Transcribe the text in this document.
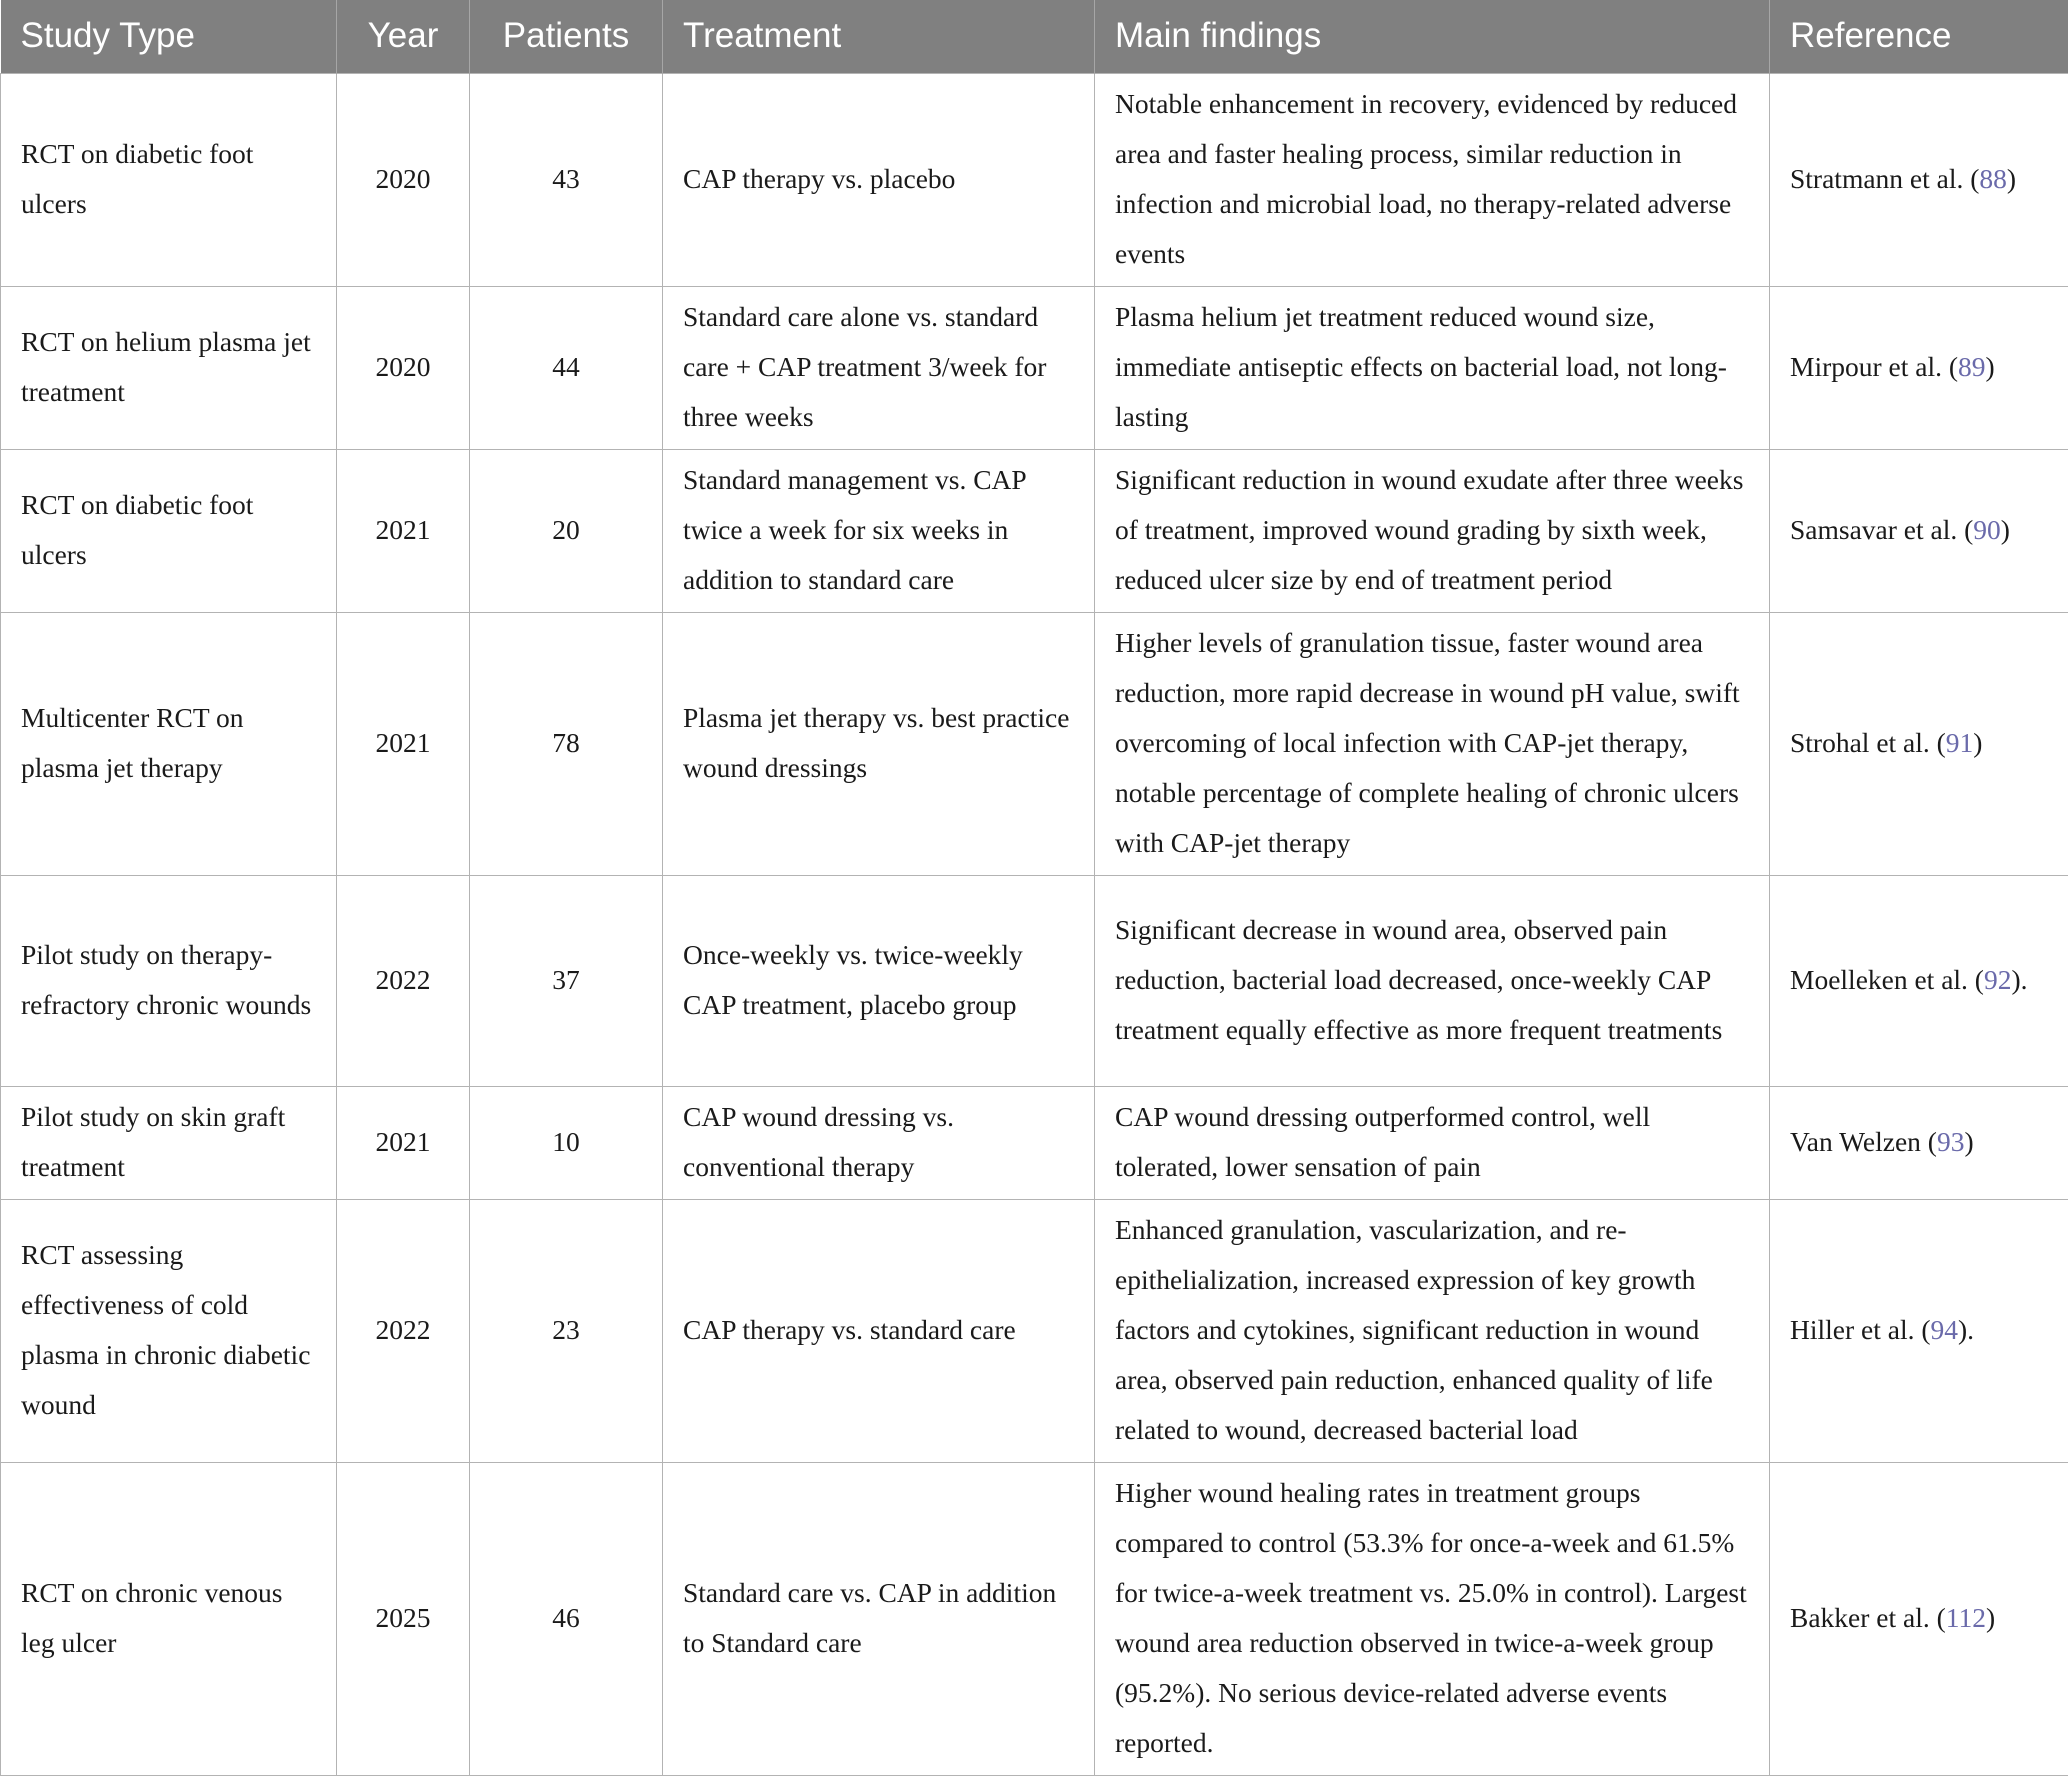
Study Type	Year	Patients	Treatment	Main findings	Reference
RCT on diabetic foot ulcers	2020	43	CAP therapy vs. placebo	Notable enhancement in recovery, evidenced by reduced area and faster healing process, similar reduction in infection and microbial load, no therapy-related adverse events	Stratmann et al. (88)
RCT on helium plasma jet treatment	2020	44	Standard care alone vs. standard care + CAP treatment 3/week for three weeks	Plasma helium jet treatment reduced wound size, immediate antiseptic effects on bacterial load, not long-lasting	Mirpour et al. (89)
RCT on diabetic foot ulcers	2021	20	Standard management vs. CAP twice a week for six weeks in addition to standard care	Significant reduction in wound exudate after three weeks of treatment, improved wound grading by sixth week, reduced ulcer size by end of treatment period	Samsavar et al. (90)
Multicenter RCT on plasma jet therapy	2021	78	Plasma jet therapy vs. best practice wound dressings	Higher levels of granulation tissue, faster wound area reduction, more rapid decrease in wound pH value, swift overcoming of local infection with CAP-jet therapy, notable percentage of complete healing of chronic ulcers with CAP-jet therapy	Strohal et al. (91)
Pilot study on therapy-refractory chronic wounds	2022	37	Once-weekly vs. twice-weekly CAP treatment, placebo group	Significant decrease in wound area, observed pain reduction, bacterial load decreased, once-weekly CAP treatment equally effective as more frequent treatments	Moelleken et al. (92).
Pilot study on skin graft treatment	2021	10	CAP wound dressing vs. conventional therapy	CAP wound dressing outperformed control, well tolerated, lower sensation of pain	Van Welzen (93)
RCT assessing effectiveness of cold plasma in chronic diabetic wound	2022	23	CAP therapy vs. standard care	Enhanced granulation, vascularization, and re-epithelialization, increased expression of key growth factors and cytokines, significant reduction in wound area, observed pain reduction, enhanced quality of life related to wound, decreased bacterial load	Hiller et al. (94).
RCT on chronic venous leg ulcer	2025	46	Standard care vs. CAP in addition to Standard care	Higher wound healing rates in treatment groups compared to control (53.3% for once-a-week and 61.5% for twice-a-week treatment vs. 25.0% in control). Largest wound area reduction observed in twice-a-week group (95.2%). No serious device-related adverse events reported.	Bakker et al. (112)
